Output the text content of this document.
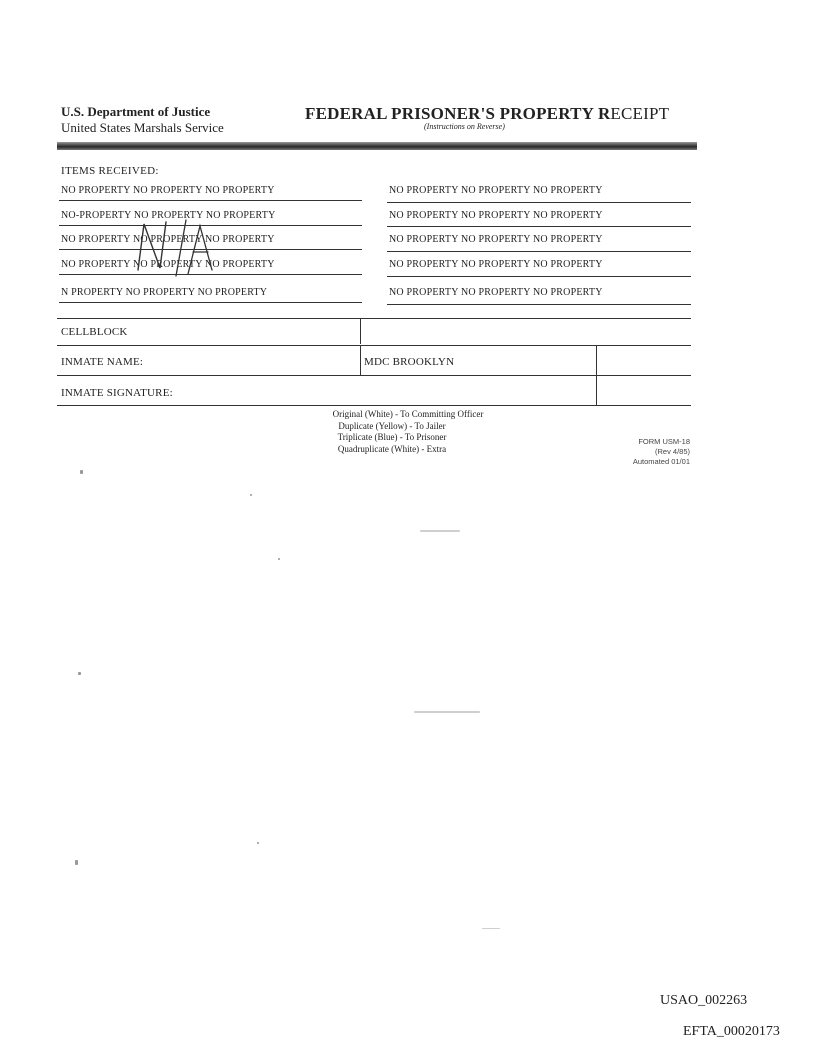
U.S. Department of Justice
United States Marshals Service
FEDERAL PRISONER'S PROPERTY RECEIPT
(Instructions on Reverse)
ITEMS RECEIVED:
NO PROPERTY NO PROPERTY NO PROPERTY
NO-PROPERTY NO PROPERTY NO PROPERTY
NO PROPERTY NO PROPERTY NO PROPERTY
NO PROPERTY NO PROPERTY NO PROPERTY
N PROPERTY NO PROPERTY NO PROPERTY
NO PROPERTY NO PROPERTY NO PROPERTY
NO PROPERTY NO PROPERTY NO PROPERTY
NO PROPERTY NO PROPERTY NO PROPERTY
NO PROPERTY NO PROPERTY NO PROPERTY
NO PROPERTY NO PROPERTY NO PROPERTY
CELLBLOCK
INMATE NAME:	MDC BROOKLYN
INMATE SIGNATURE:
Original (White) - To Committing Officer
Duplicate (Yellow) - To Jailer
Triplicate (Blue) - To Prisoner
Quadruplicate (White) - Extra
FORM USM-18
(Rev 4/85)
Automated 01/01
USAO_002263
EFTA_00020173
